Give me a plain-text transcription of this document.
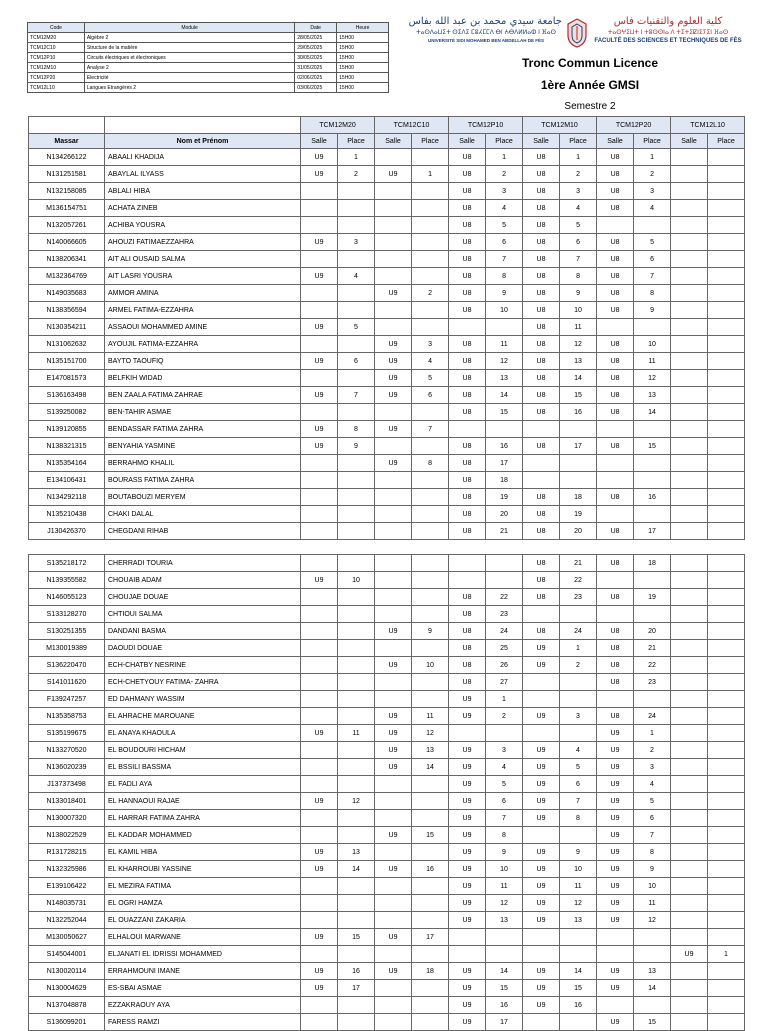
Code	Module	Date	Heure
TCM12M20	Algèbre 2	28/05/2025	15H00
TCM12C10	Structure de la matière	29/05/2025	15H00
TCM12P10	Circuits électriques et électroniques	30/05/2025	15H00
TCM12M10	Analyse 2	31/05/2025	15H00
TCM12P20	Electricité	02/06/2025	15H00
TCM12L10	Langues Etrangères 2	03/06/2025	15H00
جامعة سيدي محمد بن عبد الله بفاس
ⵜⴰⵙⴷⴰⵡⵉⵜ ⵙⵉⴷⵉ ⵎⵓⵃⵎⵎⴷ ⴱⵏ ⵄⴱⴷⵍⵍⴰⵀ ⵏ ⴼⴰⵙ
UNIVERSITÉ SIDI MOHAMED BEN ABDELLAH DE FÈS
كلية العلوم والتقنيات فاس
ⵜⴰⵙⵖⵉⵡⵜ ⵏ ⵜⵓⵙⵙⵏⴰ ⴷ ⵜⵉⵜⵉⵇⵏⵉⵢⵉⵏ ⴼⴰⵙ
FACULTÉ DES SCIENCES ET TECHNIQUES DE FÈS
Tronc Commun Licence
1ère Année GMSI
Semestre 2
		TCM12M20		TCM12C10		TCM12P10		TCM12M10		TCM12P20		TCM12L10	
Massar	Nom et Prénom	Salle	Place	Salle	Place	Salle	Place	Salle	Place	Salle	Place	Salle	Place
N134266122	ABAALI KHADIJA	U9	1			U8	1	U8	1	U8	1		
N131251581	ABAYLAL ILYASS	U9	2	U9	1	U8	2	U8	2	U8	2		
N132158085	ABLALI HIBA					U8	3	U8	3	U8	3		
M136154751	ACHATA ZINEB					U8	4	U8	4	U8	4		
N132057261	ACHIBA YOUSRA					U8	5	U8	5				
N140066605	AHOUZI FATIMAEZZAHRA	U9	3			U8	6	U8	6	U8	5		
N138206341	AIT ALI OUSAID SALMA					U8	7	U8	7	U8	6		
M132364769	AIT LASRI YOUSRA	U9	4			U8	8	U8	8	U8	7		
N149035683	AMMOR AMINA			U9	2	U8	9	U8	9	U8	8		
N138356594	ARMEL FATIMA-EZZAHRA					U8	10	U8	10	U8	9		
N130354211	ASSAOUI MOHAMMED AMINE	U9	5					U8	11				
N131062632	AYOUJIL FATIMA-EZZAHRA			U9	3	U8	11	U8	12	U8	10		
N135151700	BAYTO TAOUFIQ	U9	6	U9	4	U8	12	U8	13	U8	11		
E147081573	BELFKIH WIDAD			U9	5	U8	13	U8	14	U8	12		
S136163498	BEN ZAALA FATIMA ZAHRAE	U9	7	U9	6	U8	14	U8	15	U8	13		
S139250082	BEN-TAHIR ASMAE					U8	15	U8	16	U8	14		
N139120855	BENDASSAR FATIMA ZAHRA	U9	8	U9	7								
N138321315	BENYAHIA YASMINE	U9	9			U8	16	U8	17	U8	15		
N135354164	BERRAHMO KHALIL			U9	8	U8	17						
E134106431	BOURASS FATIMA ZAHRA					U8	18						
N134292118	BOUTABOUZI MERYEM					U8	19	U8	18	U8	16		
N135210438	CHAKI DALAL					U8	20	U8	19				
J130426370	CHEGDANI RIHAB					U8	21	U8	20	U8	17		
S135218172	CHERRADI TOURIA							U8	21	U8	18		
N139355582	CHOUAIB ADAM	U9	10					U8	22				
N146055123	CHOUJAE DOUAE					U8	22	U8	23	U8	19		
S133128270	CHTIOUI SALMA					U8	23						
S130251355	DANDANI BASMA			U9	9	U8	24	U8	24	U8	20		
M130019389	DAOUDI DOUAE					U8	25	U9	1	U8	21		
S136220470	ECH-CHATBY NESRINE			U9	10	U8	26	U9	2	U8	22		
S141011620	ECH-CHETYOUY FATIMA- ZAHRA					U8	27			U8	23		
F139247257	ED DAHMANY WASSIM					U9	1						
N135358753	EL AHRACHE MAROUANE			U9	11	U9	2	U9	3	U8	24		
S135199675	EL ANAYA KHAOULA	U9	11	U9	12					U9	1		
N133270520	EL BOUDOURI HICHAM			U9	13	U9	3	U9	4	U9	2		
N136020239	EL BSSILI BASSMA			U9	14	U9	4	U9	5	U9	3		
J137373498	EL FADLI AYA					U9	5	U9	6	U9	4		
N133018401	EL HANNAOUI RAJAE	U9	12			U9	6	U9	7	U9	5		
N130007320	EL HARRAR FATIMA ZAHRA					U9	7	U9	8	U9	6		
N138022529	EL KADDAR MOHAMMED			U9	15	U9	8			U9	7		
R131728215	EL KAMIL HIBA	U9	13			U9	9	U9	9	U9	8		
N132325986	EL KHARROUBI YASSINE	U9	14	U9	16	U9	10	U9	10	U9	9		
E139106422	EL MEZIRA FATIMA					U9	11	U9	11	U9	10		
N148035731	EL OGRI HAMZA					U9	12	U9	12	U9	11		
N132252044	EL OUAZZANI ZAKARIA					U9	13	U9	13	U9	12		
M130050627	ELHALOUI MARWANE	U9	15	U9	17								
S145044001	ELJANATI EL IDRISSI MOHAMMED											U9	1
N130020114	ERRAHMOUNI IMANE	U9	16	U9	18	U9	14	U9	14	U9	13		
N130004629	ES-SBAI ASMAE	U9	17			U9	15	U9	15	U9	14		
N137048878	EZZAKRAOUY AYA					U9	16	U9	16				
S136099201	FARESS RAMZI					U9	17			U9	15		
